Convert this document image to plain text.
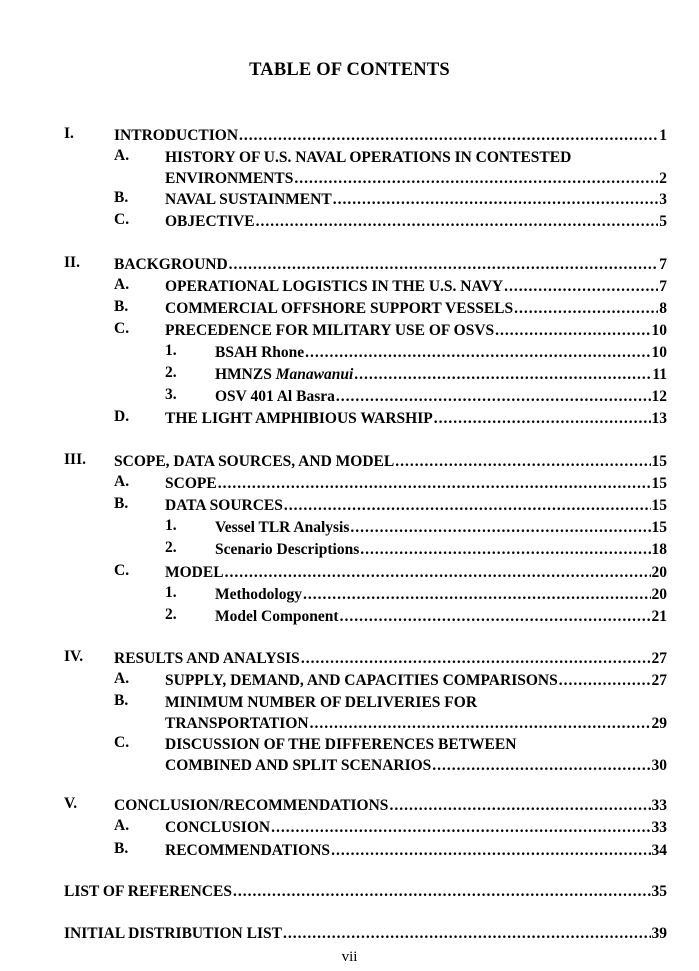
TABLE OF CONTENTS
I.	INTRODUCTION .....	1
A. HISTORY OF U.S. NAVAL OPERATIONS IN CONTESTED
ENVIRONMENTS .....	2
B. NAVAL SUSTAINMENT .....	3
C. OBJECTIVE .....	5
II. BACKGROUND .....	7
A. OPERATIONAL LOGISTICS IN THE U.S. NAVY .....	7
B. COMMERCIAL OFFSHORE SUPPORT VESSELS .....	8
C. PRECEDENCE FOR MILITARY USE OF OSVS .....	10
1. BSAH Rhone .....	10
2. HMNZS Manawanui .....	11
3. OSV 401 Al Basra .....	12
D. THE LIGHT AMPHIBIOUS WARSHIP .....	13
III. SCOPE, DATA SOURCES, AND MODEL .....	15
A. SCOPE .....	15
B. DATA SOURCES .....	15
1. Vessel TLR Analysis .....	15
2. Scenario Descriptions .....	18
C. MODEL .....	20
1. Methodology .....	20
2. Model Component .....	21
IV. RESULTS AND ANALYSIS .....	27
A. SUPPLY, DEMAND, AND CAPACITIES COMPARISONS .....	27
B. MINIMUM NUMBER OF DELIVERIES FOR
TRANSPORTATION .....	29
C. DISCUSSION OF THE DIFFERENCES BETWEEN
COMBINED AND SPLIT SCENARIOS .....	30
V. CONCLUSION/RECOMMENDATIONS .....	33
A. CONCLUSION .....	33
B. RECOMMENDATIONS .....	34
LIST OF REFERENCES .....	35
INITIAL DISTRIBUTION LIST .....	39
vii
